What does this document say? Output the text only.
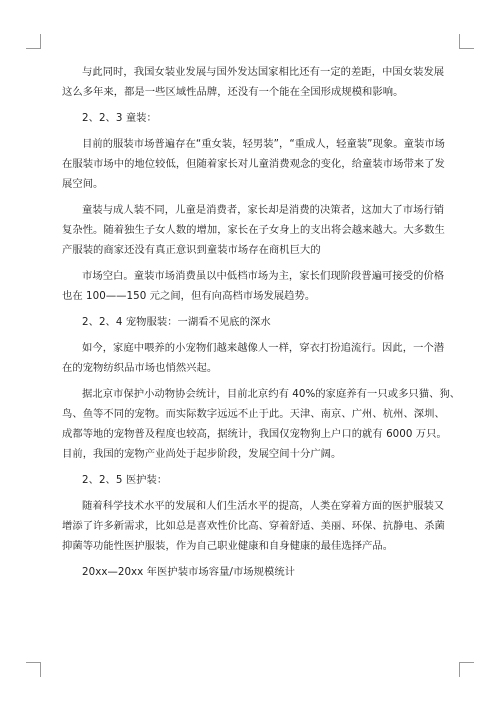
与此同时，我国女装业发展与国外发达国家相比还有一定的差距，中国女装发展

这么多年来，都是一些区域性品牌，还没有一个能在全国形成规模和影响。

2、2、3 童装：

目前的服装市场普遍存在“重女装，轻男装”，“重成人，轻童装”现象。童装市场

在服装市场中的地位较低，但随着家长对儿童消费观念的变化，给童装市场带来了发

展空间。

童装与成人装不同，儿童是消费者，家长却是消费的决策者，这加大了市场行销

复杂性。随着独生子女人数的增加，家长在子女身上的支出将会越来越大。大多数生

产服装的商家还没有真正意识到童装市场存在商机巨大的

市场空白。童装市场消费虽以中低档市场为主，家长们现阶段普遍可接受的价格

也在 100——150 元之间，但有向高档市场发展趋势。

2、2、4 宠物服装：一湖看不见底的深水

如今，家庭中喂养的小宠物们越来越像人一样，穿衣打扮追流行。因此，一个潜

在的宠物纺织品市场也悄然兴起。

据北京市保护小动物协会统计，目前北京约有 40%的家庭养有一只或多只猫、狗、

鸟、鱼等不同的宠物。而实际数字远远不止于此。天津、南京、广州、杭州、深圳、

成都等地的宠物普及程度也较高，据统计，我国仅宠物狗上户口的就有 6000 万只。

目前，我国的宠物产业尚处于起步阶段，发展空间十分广阔。

2、2、5 医护装：

随着科学技术水平的发展和人们生活水平的提高，人类在穿着方面的医护服装又

增添了许多新需求，比如总是喜欢性价比高、穿着舒适、美丽、环保、抗静电、杀菌

抑菌等功能性医护服装，作为自己职业健康和自身健康的最佳选择产品。

20xx—20xx 年医护装市场容量/市场规模统计
